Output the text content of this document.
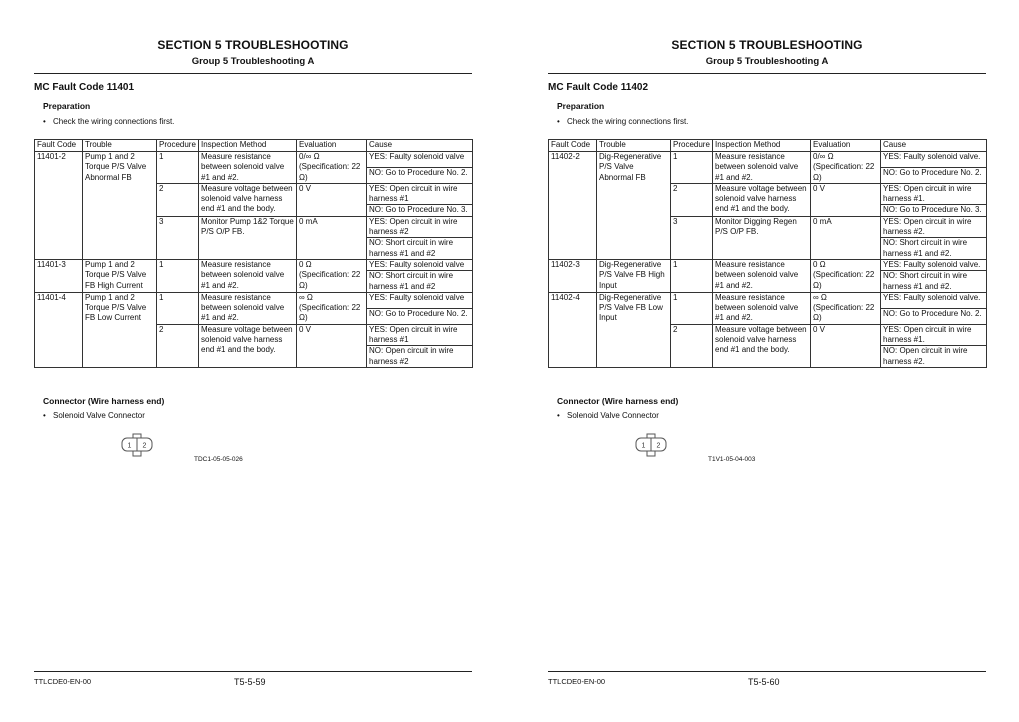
SECTION 5 TROUBLESHOOTING
Group 5 Troubleshooting A
MC Fault Code 11401
Preparation
• Check the wiring connections first.
Fault Code	Trouble	Procedure	Inspection Method	Evaluation	Cause
11401-2	Pump 1 and 2 Torque P/S Valve Abnormal FB	1	Measure resistance between solenoid valve #1 and #2.	0/∞ Ω (Specification: 22 Ω)	YES: Faulty solenoid valve
					NO: Go to Procedure No. 2.
		2	Measure voltage between solenoid valve harness end #1 and the body.	0 V	YES: Open circuit in wire harness #1
					NO: Go to Procedure No. 3.
		3	Monitor Pump 1&2 Torque P/S O/P FB.	0 mA	YES: Open circuit in wire harness #2
					NO: Short circuit in wire harness #1 and #2
11401-3	Pump 1 and 2 Torque P/S Valve FB High Current	1	Measure resistance between solenoid valve #1 and #2.	0 Ω (Specification: 22 Ω)	YES: Faulty solenoid valve
					NO: Short circuit in wire harness #1 and #2
11401-4	Pump 1 and 2 Torque P/S Valve FB Low Current	1	Measure resistance between solenoid valve #1 and #2.	∞ Ω (Specification: 22 Ω)	YES: Faulty solenoid valve
					NO: Go to Procedure No. 2.
		2	Measure voltage between solenoid valve harness end #1 and the body.	0 V	YES: Open circuit in wire harness #1
					NO: Open circuit in wire harness #2
Connector (Wire harness end)
• Solenoid Valve Connector
1 2
TDC1-05-05-026
TTLCDE0-EN-00	T5-5-59
SECTION 5 TROUBLESHOOTING
Group 5 Troubleshooting A
MC Fault Code 11402
Preparation
• Check the wiring connections first.
Fault Code	Trouble	Procedure	Inspection Method	Evaluation	Cause
11402-2	Dig-Regenerative P/S Valve Abnormal FB	1	Measure resistance between solenoid valve #1 and #2.	0/∞ Ω (Specification: 22 Ω)	YES: Faulty solenoid valve.
					NO: Go to Procedure No. 2.
		2	Measure voltage between solenoid valve harness end #1 and the body.	0 V	YES: Open circuit in wire harness #1.
					NO: Go to Procedure No. 3.
		3	Monitor Digging Regen P/S O/P FB.	0 mA	YES: Open circuit in wire harness #2.
					NO: Short circuit in wire harness #1 and #2.
11402-3	Dig-Regenerative P/S Valve FB High Input	1	Measure resistance between solenoid valve #1 and #2.	0 Ω (Specification: 22 Ω)	YES: Faulty solenoid valve.
					NO: Short circuit in wire harness #1 and #2.
11402-4	Dig-Regenerative P/S Valve FB Low Input	1	Measure resistance between solenoid valve #1 and #2.	∞ Ω (Specification: 22 Ω)	YES: Faulty solenoid valve.
					NO: Go to Procedure No. 2.
		2	Measure voltage between solenoid valve harness end #1 and the body.	0 V	YES: Open circuit in wire harness #1.
					NO: Open circuit in wire harness #2.
Connector (Wire harness end)
• Solenoid Valve Connector
1 2
T1V1-05-04-003
TTLCDE0-EN-00	T5-5-60
